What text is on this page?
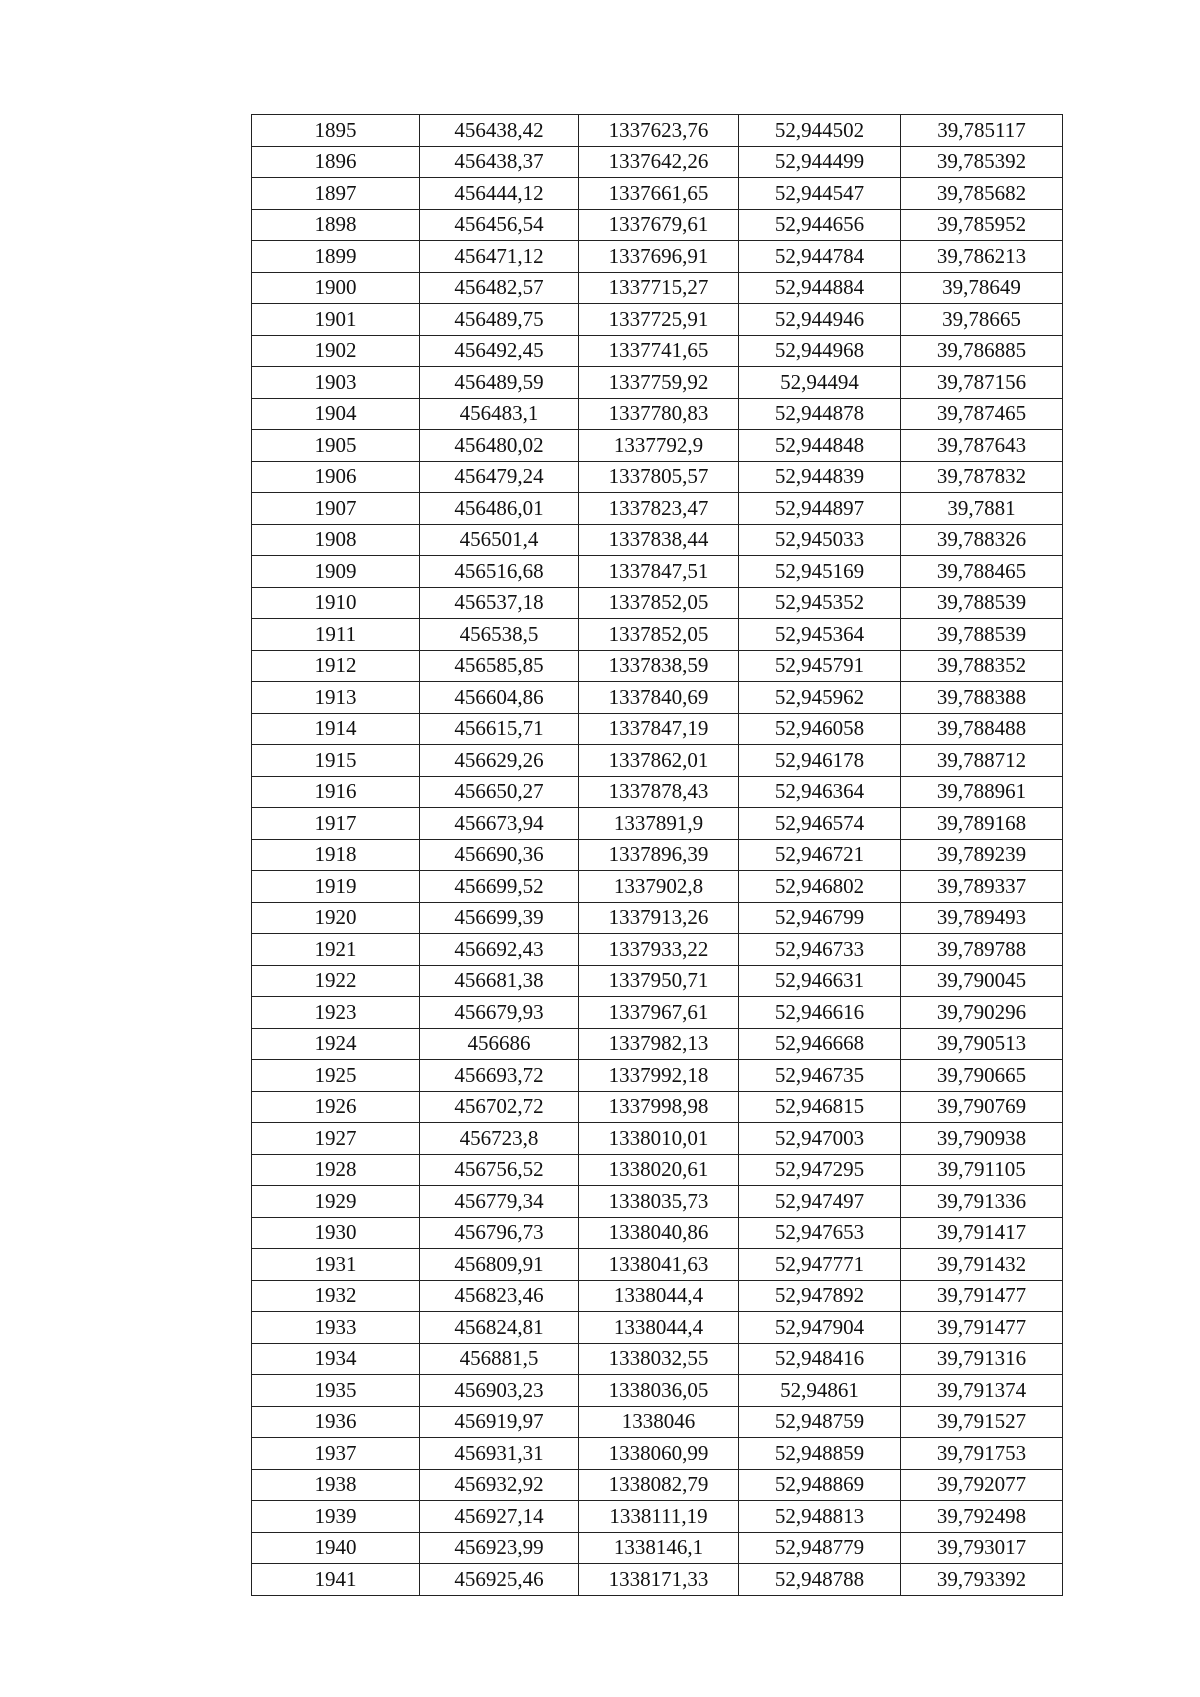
1895	456438,42	1337623,76	52,944502	39,785117
1896	456438,37	1337642,26	52,944499	39,785392
1897	456444,12	1337661,65	52,944547	39,785682
1898	456456,54	1337679,61	52,944656	39,785952
1899	456471,12	1337696,91	52,944784	39,786213
1900	456482,57	1337715,27	52,944884	39,78649
1901	456489,75	1337725,91	52,944946	39,78665
1902	456492,45	1337741,65	52,944968	39,786885
1903	456489,59	1337759,92	52,94494	39,787156
1904	456483,1	1337780,83	52,944878	39,787465
1905	456480,02	1337792,9	52,944848	39,787643
1906	456479,24	1337805,57	52,944839	39,787832
1907	456486,01	1337823,47	52,944897	39,7881
1908	456501,4	1337838,44	52,945033	39,788326
1909	456516,68	1337847,51	52,945169	39,788465
1910	456537,18	1337852,05	52,945352	39,788539
1911	456538,5	1337852,05	52,945364	39,788539
1912	456585,85	1337838,59	52,945791	39,788352
1913	456604,86	1337840,69	52,945962	39,788388
1914	456615,71	1337847,19	52,946058	39,788488
1915	456629,26	1337862,01	52,946178	39,788712
1916	456650,27	1337878,43	52,946364	39,788961
1917	456673,94	1337891,9	52,946574	39,789168
1918	456690,36	1337896,39	52,946721	39,789239
1919	456699,52	1337902,8	52,946802	39,789337
1920	456699,39	1337913,26	52,946799	39,789493
1921	456692,43	1337933,22	52,946733	39,789788
1922	456681,38	1337950,71	52,946631	39,790045
1923	456679,93	1337967,61	52,946616	39,790296
1924	456686	1337982,13	52,946668	39,790513
1925	456693,72	1337992,18	52,946735	39,790665
1926	456702,72	1337998,98	52,946815	39,790769
1927	456723,8	1338010,01	52,947003	39,790938
1928	456756,52	1338020,61	52,947295	39,791105
1929	456779,34	1338035,73	52,947497	39,791336
1930	456796,73	1338040,86	52,947653	39,791417
1931	456809,91	1338041,63	52,947771	39,791432
1932	456823,46	1338044,4	52,947892	39,791477
1933	456824,81	1338044,4	52,947904	39,791477
1934	456881,5	1338032,55	52,948416	39,791316
1935	456903,23	1338036,05	52,94861	39,791374
1936	456919,97	1338046	52,948759	39,791527
1937	456931,31	1338060,99	52,948859	39,791753
1938	456932,92	1338082,79	52,948869	39,792077
1939	456927,14	1338111,19	52,948813	39,792498
1940	456923,99	1338146,1	52,948779	39,793017
1941	456925,46	1338171,33	52,948788	39,793392
